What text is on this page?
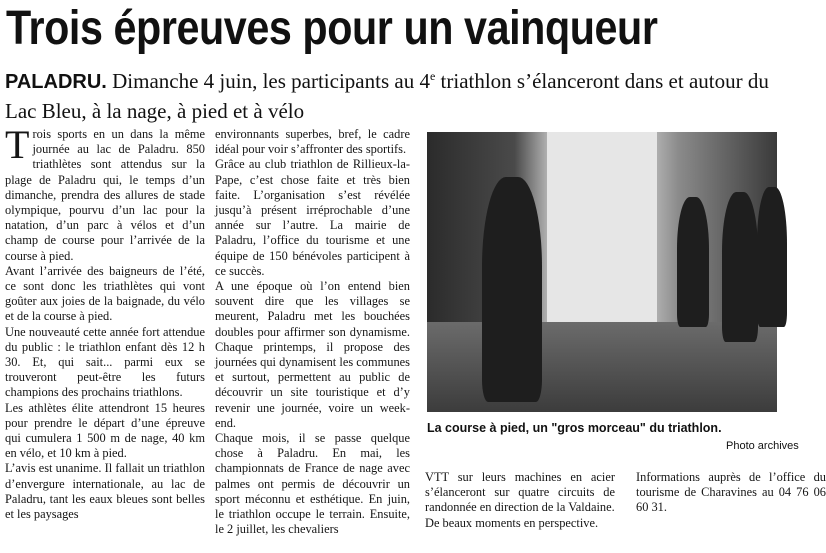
Trois épreuves pour un vainqueur
PALADRU. Dimanche 4 juin, les participants au 4e triathlon s’élanceront dans et autour du Lac Bleu, à la nage, à pied et à vélo

Trois sports en un dans la même journée au lac de Paladru. 850 triathlètes sont attendus sur la plage de Paladru qui, le temps d’un dimanche, prendra des allures de stade olympique, pourvu d’un lac pour la natation, d’un parc à vélos et d’un champ de course pour l’arrivée de la course à pied.

Avant l’arrivée des baigneurs de l’été, ce sont donc les triathlètes qui vont goûter aux joies de la baignade, du vélo et de la course à pied.

Une nouveauté cette année fort attendue du public : le triathlon enfant dès 12 h 30. Et, qui sait... parmi eux se trouveront peut-être les futurs champions des prochains triathlons.

Les athlètes élite attendront 15 heures pour prendre le départ d’une épreuve qui cumulera 1 500 m de nage, 40 km en vélo, et 10 km à pied.

L’avis est unanime. Il fallait un triathlon d’envergure internationale, au lac de Paladru, tant les eaux bleues sont belles et les paysages

environnants superbes, bref, le cadre idéal pour voir s’affronter des sportifs.

Grâce au club triathlon de Rillieux-la-Pape, c’est chose faite et très bien faite. L’organisation s’est révélée jusqu’à présent irréprochable d’une année sur l’autre. La mairie de Paladru, l’office du tourisme et une équipe de 150 bénévoles participent à ce succès.

A une époque où l’on entend bien souvent dire que les villages se meurent, Paladru met les bouchées doubles pour affirmer son dynamisme. Chaque printemps, il propose des journées qui dynamisent les communes et surtout, permettent au public de découvrir un site touristique et d’y revenir une journée, voire un week-end.

Chaque mois, il se passe quelque chose à Paladru. En mai, les championnats de France de nage avec palmes ont permis de découvrir un sport méconnu et esthétique. En juin, le triathlon occupe le terrain. Ensuite, le 2 juillet, les chevaliers

La course à pied, un "gros morceau" du triathlon.
Photo archives

VTT sur leurs machines en acier s’élanceront sur quatre circuits de randonnée en direction de la Valdaine.

De beaux moments en perspective.

Informations auprès de l’office du tourisme de Charavines au 04 76 06 60 31.
